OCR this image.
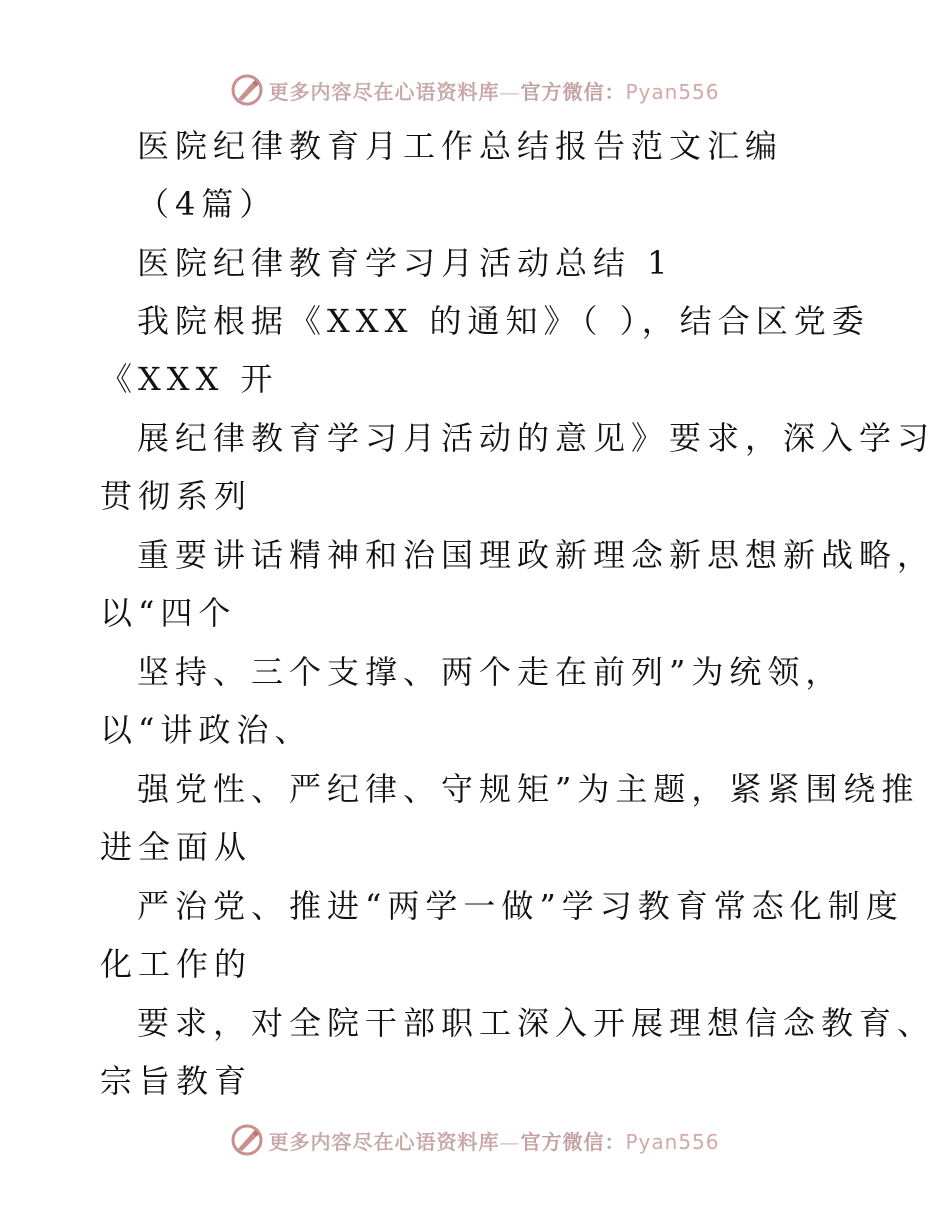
更多内容尽在心语资料库—官方微信：Pyan556
医院纪律教育月工作总结报告范文汇编
（4篇）
医院纪律教育学习月活动总结 1
我院根据《XXX 的通知》（ ），结合区党委
《XXX 开
展纪律教育学习月活动的意见》要求，深入学习
贯彻系列
重要讲话精神和治国理政新理念新思想新战略，
以“四个
坚持、三个支撑、两个走在前列”为统领，
以“讲政治、
强党性、严纪律、守规矩”为主题，紧紧围绕推
进全面从
严治党、推进“两学一做”学习教育常态化制度
化工作的
要求，对全院干部职工深入开展理想信念教育、
宗旨教育
更多内容尽在心语资料库—官方微信：Pyan556
